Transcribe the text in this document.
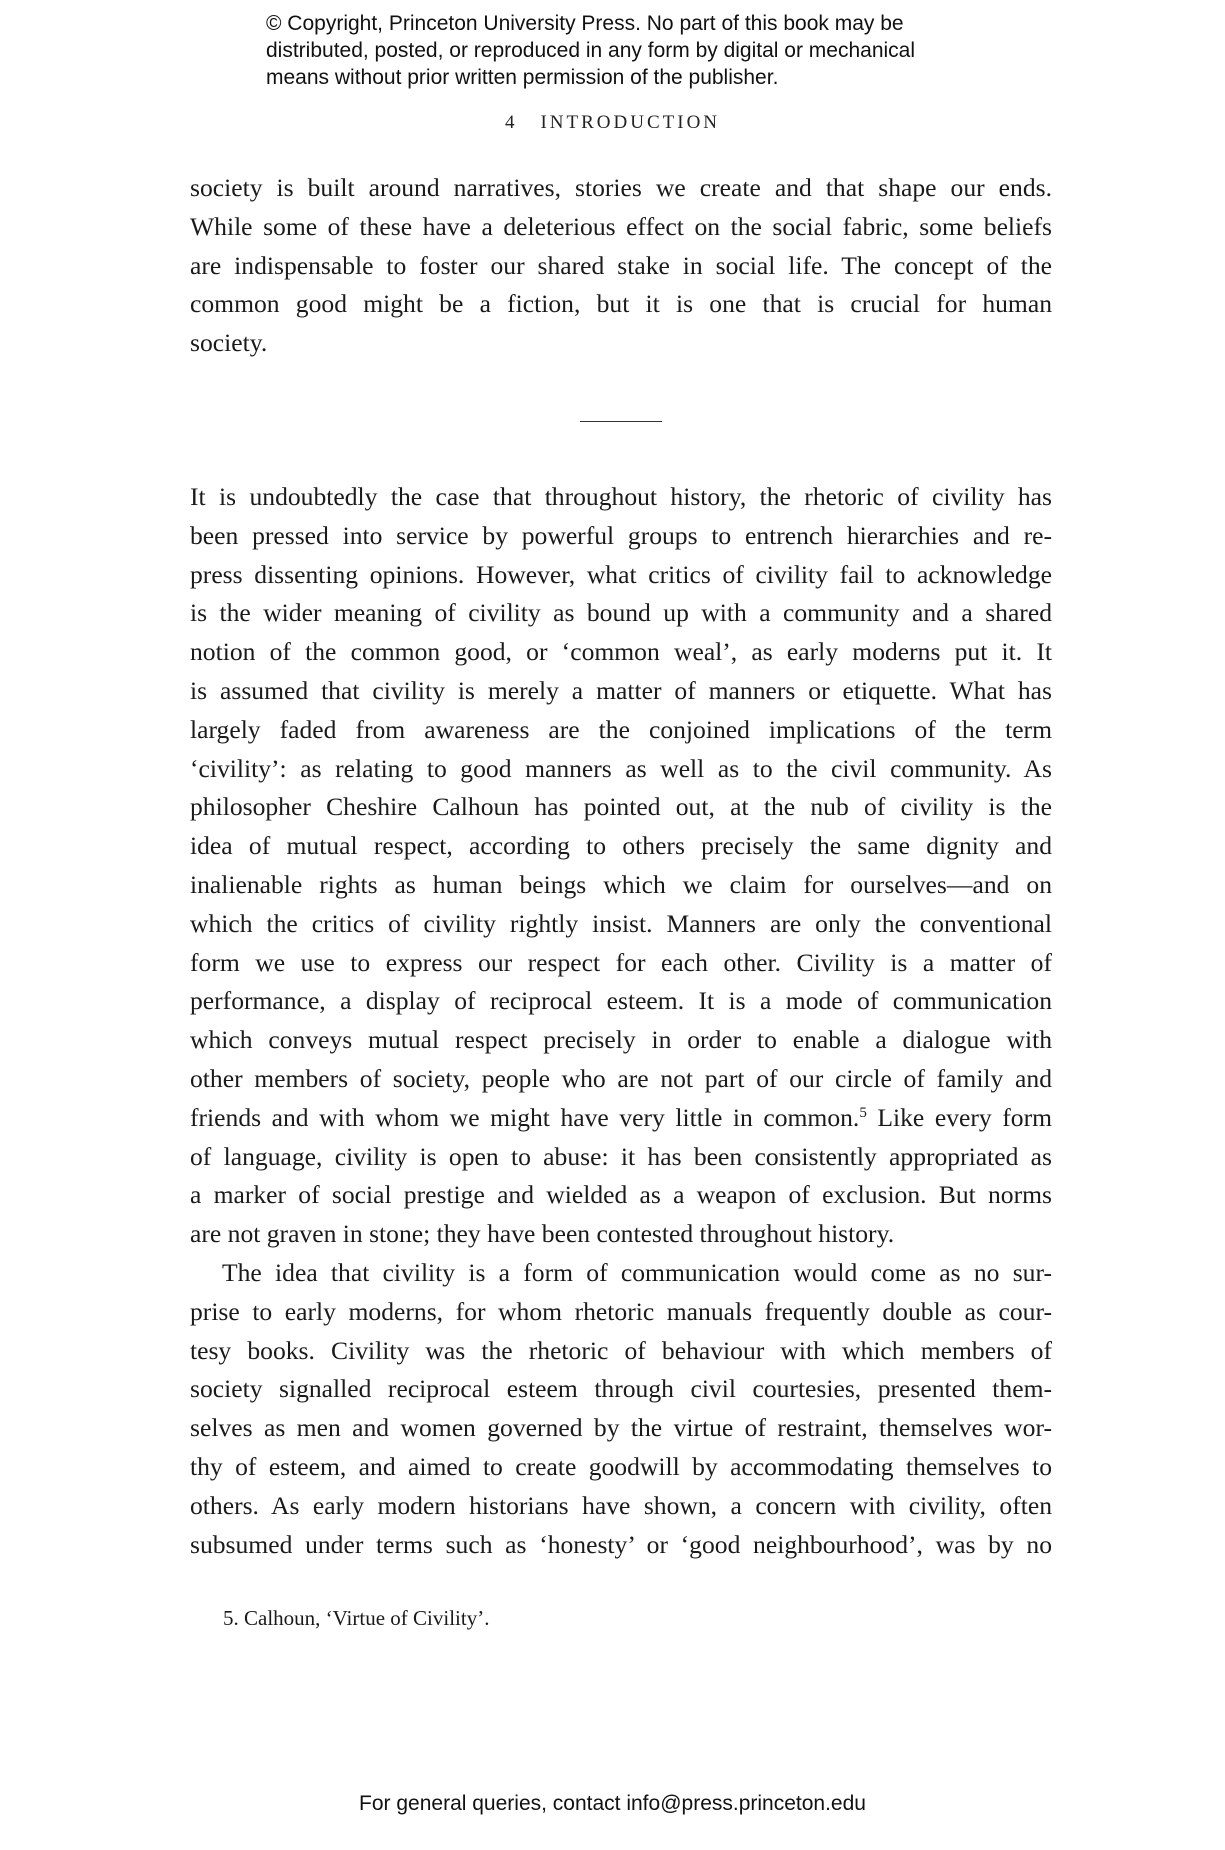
© Copyright, Princeton University Press. No part of this book may be
distributed, posted, or reproduced in any form by digital or mechanical
means without prior written permission of the publisher.
4 INTRODUCTION
society is built around narratives, stories we create and that shape our ends.
While some of these have a deleterious effect on the social fabric, some beliefs
are indispensable to foster our shared stake in social life. The concept of the
common good might be a fiction, but it is one that is crucial for human
society.
It is undoubtedly the case that throughout history, the rhetoric of civility has
been pressed into service by powerful groups to entrench hierarchies and re-
press dissenting opinions. However, what critics of civility fail to acknowledge
is the wider meaning of civility as bound up with a community and a shared
notion of the common good, or ‘common weal’, as early moderns put it. It
is assumed that civility is merely a matter of manners or etiquette. What has
largely faded from awareness are the conjoined implications of the term
‘civility’: as relating to good manners as well as to the civil community. As
philosopher Cheshire Calhoun has pointed out, at the nub of civility is the
idea of mutual respect, according to others precisely the same dignity and
inalienable rights as human beings which we claim for ourselves—and on
which the critics of civility rightly insist. Manners are only the conventional
form we use to express our respect for each other. Civility is a matter of
performance, a display of reciprocal esteem. It is a mode of communication
which conveys mutual respect precisely in order to enable a dialogue with
other members of society, people who are not part of our circle of family and
friends and with whom we might have very little in common.$^5$ Like every form
of language, civility is open to abuse: it has been consistently appropriated as
a marker of social prestige and wielded as a weapon of exclusion. But norms
are not graven in stone; they have been contested throughout history.
The idea that civility is a form of communication would come as no sur-
prise to early moderns, for whom rhetoric manuals frequently double as cour-
tesy books. Civility was the rhetoric of behaviour with which members of
society signalled reciprocal esteem through civil courtesies, presented them-
selves as men and women governed by the virtue of restraint, themselves wor-
thy of esteem, and aimed to create goodwill by accommodating themselves to
others. As early modern historians have shown, a concern with civility, often
subsumed under terms such as ‘honesty’ or ‘good neighbourhood’, was by no
5. Calhoun, ‘Virtue of Civility’.
For general queries, contact info@press.princeton.edu
